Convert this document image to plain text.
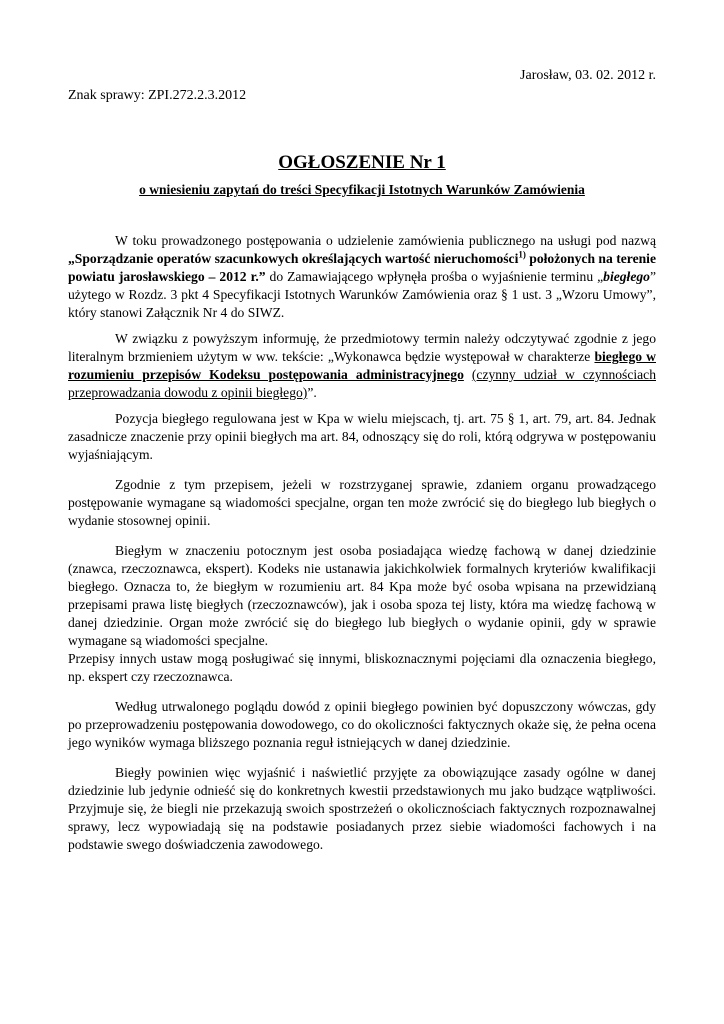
Jarosław, 03. 02. 2012 r.
Znak sprawy: ZPI.272.2.3.2012
OGŁOSZENIE Nr 1
o wniesieniu zapytań do treści Specyfikacji Istotnych Warunków Zamówienia

W toku prowadzonego postępowania o udzielenie zamówienia publicznego na usługi pod nazwą „Sporządzanie operatów szacunkowych określających wartość nieruchomości$^{1)}$ położonych na terenie powiatu jarosławskiego – 2012 r.” do Zamawiającego wpłynęła prośba o wyjaśnienie terminu „biegłego” użytego w Rozdz. 3 pkt 4 Specyfikacji Istotnych Warunków Zamówienia oraz § 1 ust. 3 „Wzoru Umowy”, który stanowi Załącznik Nr 4 do SIWZ.

W związku z powyższym informuję, że przedmiotowy termin należy odczytywać zgodnie z jego literalnym brzmieniem użytym w ww. tekście: „Wykonawca będzie występował w charakterze biegłego w rozumieniu przepisów Kodeksu postępowania administracyjnego (czynny udział w czynnościach przeprowadzania dowodu z opinii biegłego)”.

Pozycja biegłego regulowana jest w Kpa w wielu miejscach, tj. art. 75 § 1, art. 79, art. 84. Jednak zasadnicze znaczenie przy opinii biegłych ma art. 84, odnoszący się do roli, którą odgrywa w postępowaniu wyjaśniającym.

Zgodnie z tym przepisem, jeżeli w rozstrzyganej sprawie, zdaniem organu prowadzącego postępowanie wymagane są wiadomości specjalne, organ ten może zwrócić się do biegłego lub biegłych o wydanie stosownej opinii.

Biegłym w znaczeniu potocznym jest osoba posiadająca wiedzę fachową w danej dziedzinie (znawca, rzeczoznawca, ekspert). Kodeks nie ustanawia jakichkolwiek formalnych kryteriów kwalifikacji biegłego. Oznacza to, że biegłym w rozumieniu art. 84 Kpa może być osoba wpisana na przewidzianą przepisami prawa listę biegłych (rzeczoznawców), jak i osoba spoza tej listy, która ma wiedzę fachową w danej dziedzinie. Organ może zwrócić się do biegłego lub biegłych o wydanie opinii, gdy w sprawie wymagane są wiadomości specjalne.

Przepisy innych ustaw mogą posługiwać się innymi, bliskoznacznymi pojęciami dla oznaczenia biegłego, np. ekspert czy rzeczoznawca.

Według utrwalonego poglądu dowód z opinii biegłego powinien być dopuszczony wówczas, gdy po przeprowadzeniu postępowania dowodowego, co do okoliczności faktycznych okaże się, że pełna ocena jego wyników wymaga bliższego poznania reguł istniejących w danej dziedzinie.

Biegły powinien więc wyjaśnić i naświetlić przyjęte za obowiązujące zasady ogólne w danej dziedzinie lub jedynie odnieść się do konkretnych kwestii przedstawionych mu jako budzące wątpliwości. Przyjmuje się, że biegli nie przekazują swoich spostrzeżeń o okolicznościach faktycznych rozpoznawalnej sprawy, lecz wypowiadają się na podstawie posiadanych przez siebie wiadomości fachowych i na podstawie swego doświadczenia zawodowego.
